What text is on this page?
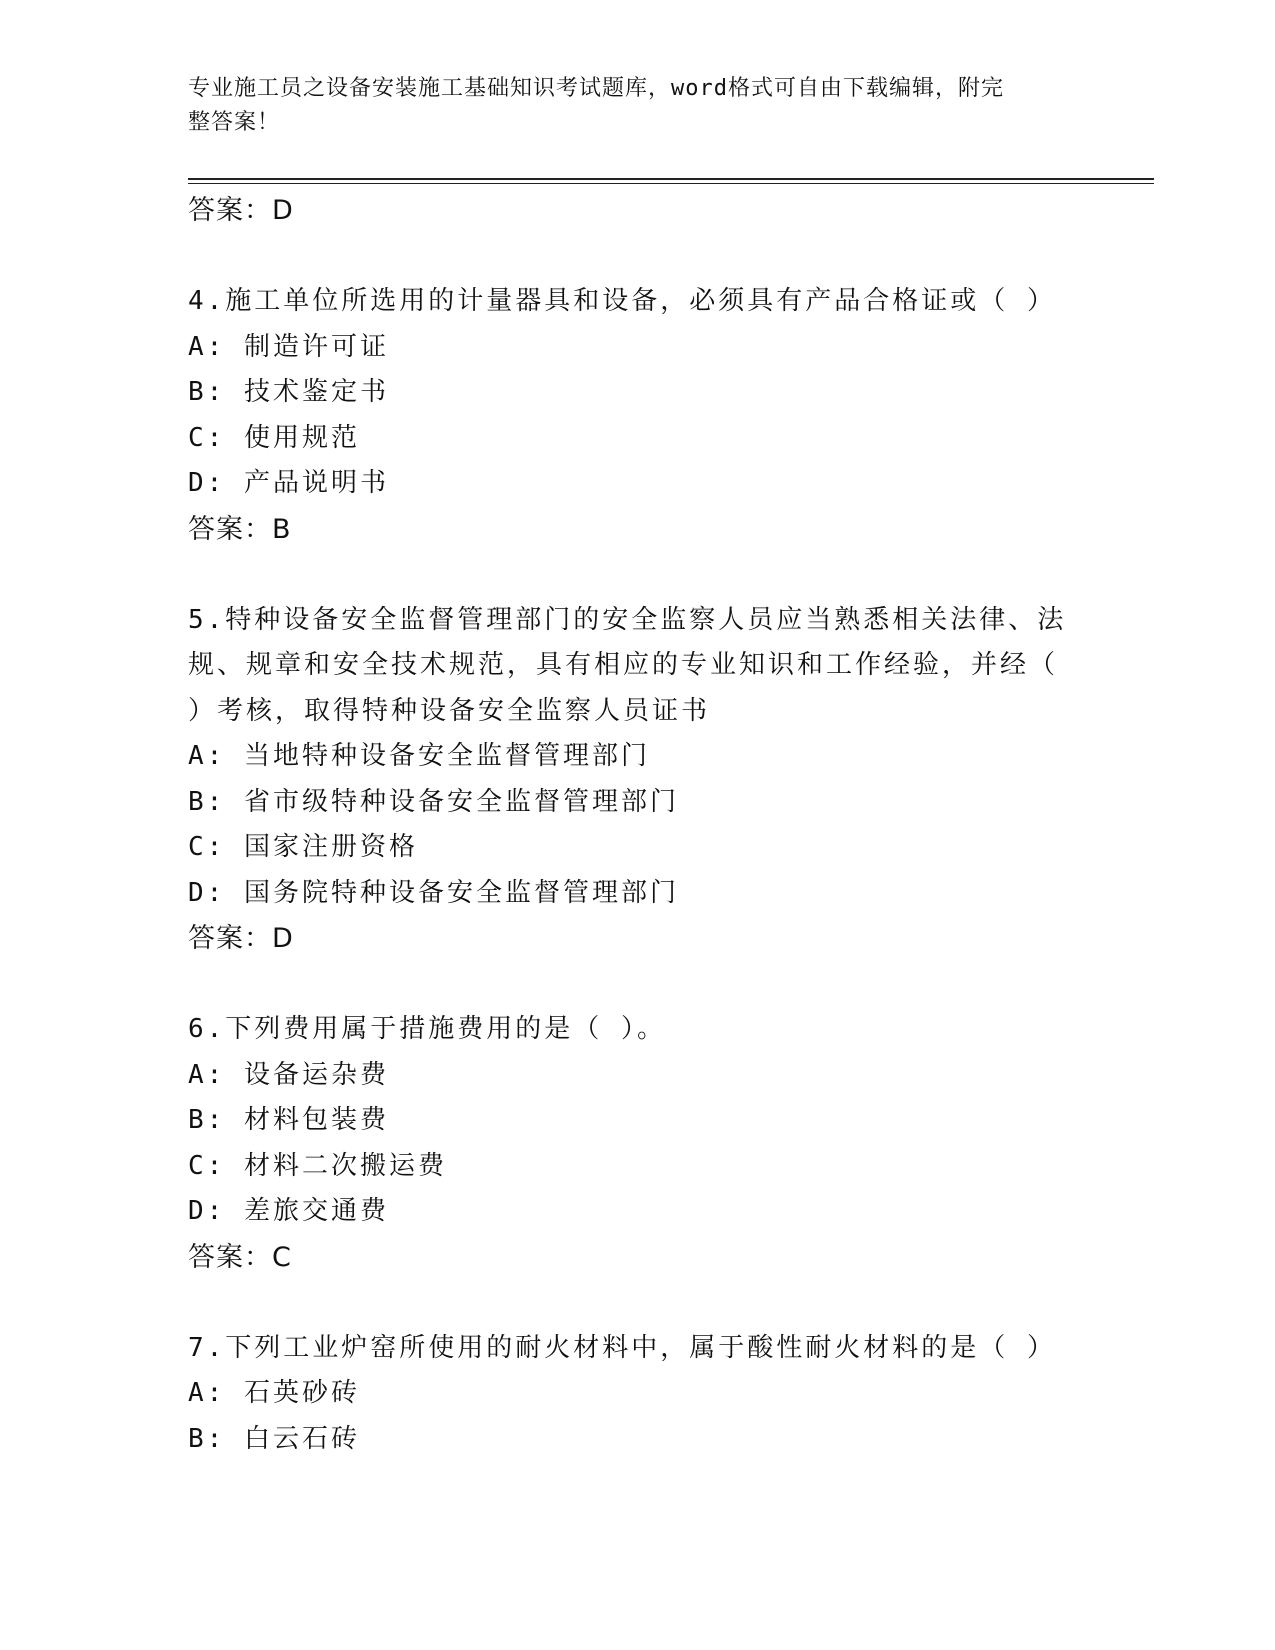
专业施工员之设备安装施工基础知识考试题库，word格式可自由下载编辑，附完
整答案！
答案：D
4.施工单位所选用的计量器具和设备，必须具有产品合格证或（ ）
A: 制造许可证
B: 技术鉴定书
C: 使用规范
D: 产品说明书
答案：B
5.特种设备安全监督管理部门的安全监察人员应当熟悉相关法律、法
规、规章和安全技术规范，具有相应的专业知识和工作经验，并经（
）考核，取得特种设备安全监察人员证书
A: 当地特种设备安全监督管理部门
B: 省市级特种设备安全监督管理部门
C: 国家注册资格
D: 国务院特种设备安全监督管理部门
答案：D
6.下列费用属于措施费用的是（ ）。
A: 设备运杂费
B: 材料包装费
C: 材料二次搬运费
D: 差旅交通费
答案：C
7.下列工业炉窑所使用的耐火材料中，属于酸性耐火材料的是（ ）
A: 石英砂砖
B: 白云石砖
